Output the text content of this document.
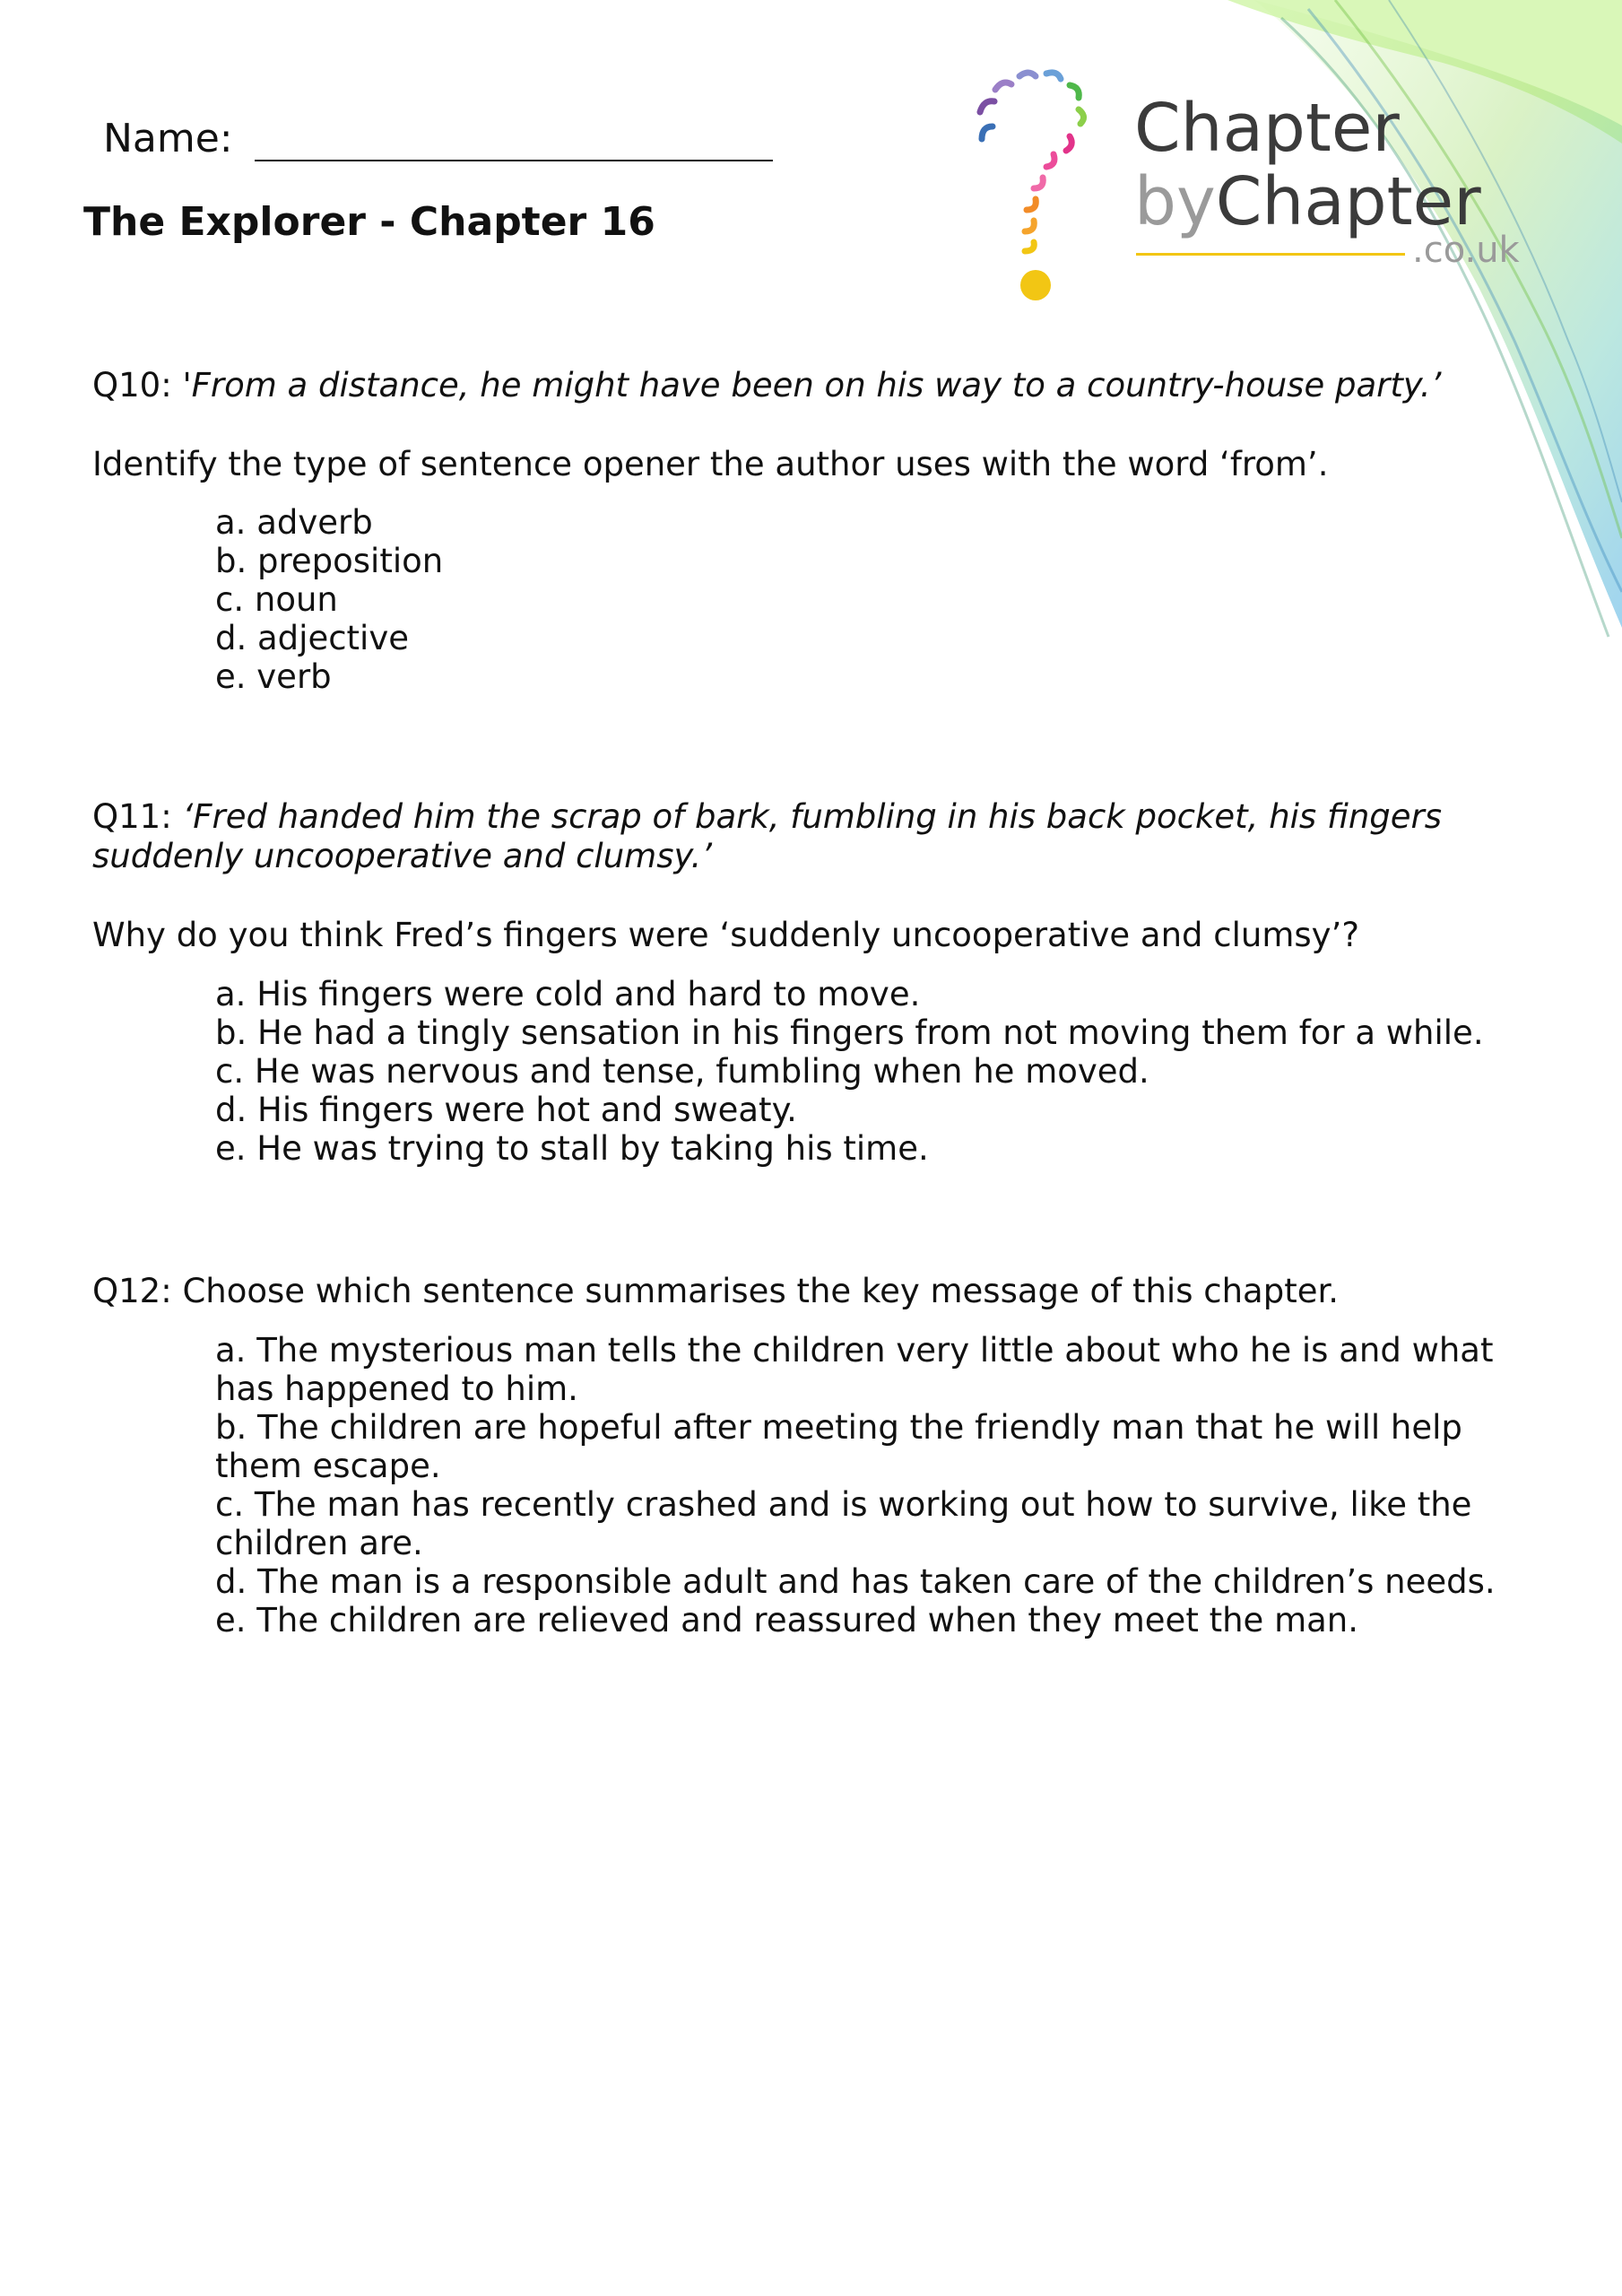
Chapter
byChapter
.co.uk
Name:
The Explorer - Chapter 16
Q10: 'From a distance, he might have been on his way to a country-house party.’
Identify the type of sentence opener the author uses with the word ‘from’.
a. adverb
b. preposition
c. noun
d. adjective
e. verb
Q11: ‘Fred handed him the scrap of bark, fumbling in his back pocket, his fingers
suddenly uncooperative and clumsy.’
Why do you think Fred’s fingers were ‘suddenly uncooperative and clumsy’?
a. His fingers were cold and hard to move.
b. He had a tingly sensation in his fingers from not moving them for a while.
c. He was nervous and tense, fumbling when he moved.
d. His fingers were hot and sweaty.
e. He was trying to stall by taking his time.
Q12: Choose which sentence summarises the key message of this chapter.
a. The mysterious man tells the children very little about who he is and what
has happened to him.
b. The children are hopeful after meeting the friendly man that he will help
them escape.
c. The man has recently crashed and is working out how to survive, like the
children are.
d. The man is a responsible adult and has taken care of the children’s needs.
e. The children are relieved and reassured when they meet the man.
